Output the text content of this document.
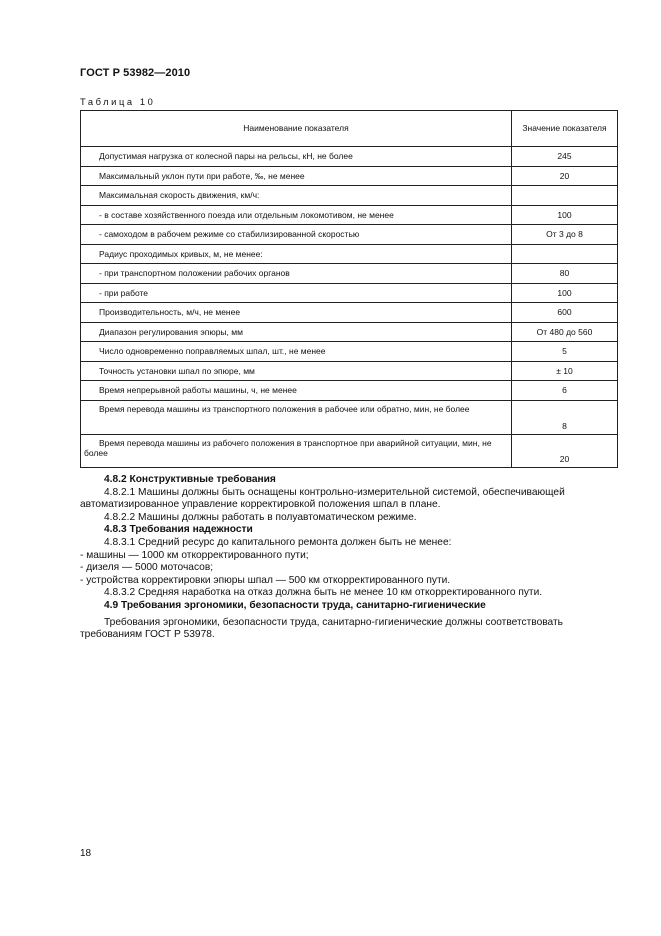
ГОСТ Р 53982—2010
Таблица 10
Наименование показателя	Значение показателя
Допустимая нагрузка от колесной пары на рельсы, кН, не более	245
Максимальный уклон пути при работе, ‰, не менее	20
Максимальная скорость движения, км/ч:	
- в составе хозяйственного поезда или отдельным локомотивом, не менее	100
- самоходом в рабочем режиме со стабилизированной скоростью	От 3 до 8
Радиус проходимых кривых, м, не менее:	
- при транспортном положении рабочих органов	80
- при работе	100
Производительность, м/ч, не менее	600
Диапазон регулирования эпюры, мм	От 480 до 560
Число одновременно поправляемых шпал, шт., не менее	5
Точность установки шпал по эпюре, мм	± 10
Время непрерывной работы машины, ч, не менее	6
Время перевода машины из транспортного положения в рабочее или обратно, мин, не более	8
Время перевода машины из рабочего положения в транспортное при аварийной ситуации, мин, не более	20

4.8.2 Конструктивные требования

4.8.2.1 Машины должны быть оснащены контрольно-измерительной системой, обеспечивающей автоматизированное управление корректировкой положения шпал в плане.

4.8.2.2 Машины должны работать в полуавтоматическом режиме.

4.8.3 Требования надежности

4.8.3.1 Средний ресурс до капитального ремонта должен быть не менее:

- машины — 1000 км откорректированного пути;

- дизеля — 5000 моточасов;

- устройства корректировки эпюры шпал — 500 км откорректированного пути.

4.8.3.2 Средняя наработка на отказ должна быть не менее 10 км откорректированного пути.

4.9 Требования эргономики, безопасности труда, санитарно-гигиенические

Требования эргономики, безопасности труда, санитарно-гигиенические должны соответствовать требованиям ГОСТ Р 53978.

18
